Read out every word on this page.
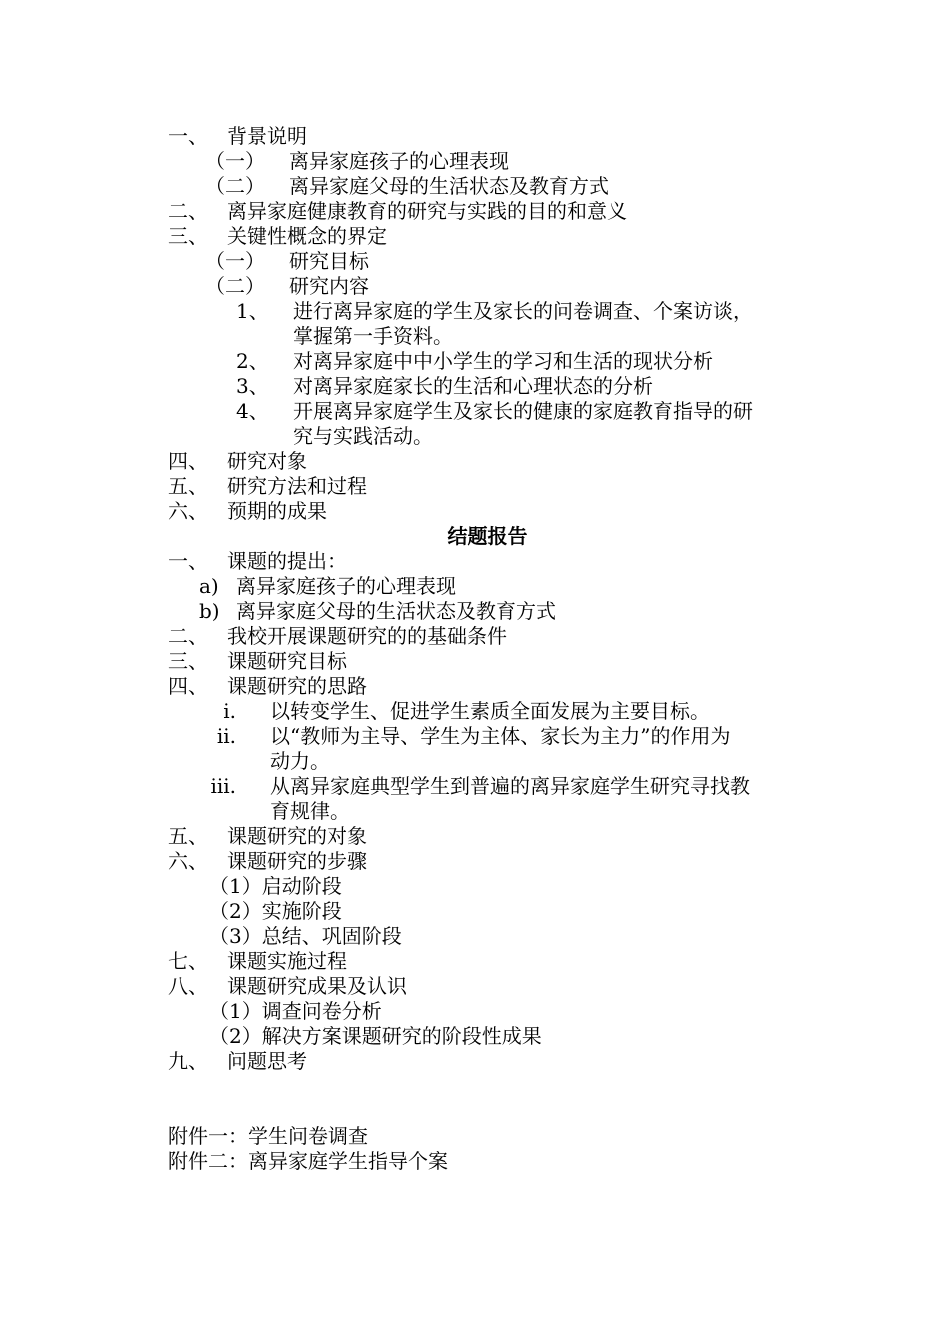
一、 背景说明
（一） 离异家庭孩子的心理表现
（二） 离异家庭父母的生活状态及教育方式
二、 离异家庭健康教育的研究与实践的目的和意义
三、 关键性概念的界定
（一） 研究目标
（二） 研究内容
1、 进行离异家庭的学生及家长的问卷调查、个案访谈，
掌握第一手资料。
2、 对离异家庭中中小学生的学习和生活的现状分析
3、 对离异家庭家长的生活和心理状态的分析
4、 开展离异家庭学生及家长的健康的家庭教育指导的研
究与实践活动。
四、 研究对象
五、 研究方法和过程
六、 预期的成果
结题报告
一、 课题的提出：
a) 离异家庭孩子的心理表现
b) 离异家庭父母的生活状态及教育方式
二、 我校开展课题研究的的基础条件
三、 课题研究目标
四、 课题研究的思路
i. 以转变学生、促进学生素质全面发展为主要目标。
ii. 以“教师为主导、学生为主体、家长为主力”的作用为
动力。
iii. 从离异家庭典型学生到普遍的离异家庭学生研究寻找教
育规律。
五、 课题研究的对象
六、 课题研究的步骤
（1）启动阶段
（2）实施阶段
（3）总结、巩固阶段
七、 课题实施过程
八、 课题研究成果及认识
（1）调查问卷分析
（2）解决方案课题研究的阶段性成果
九、 问题思考
附件一：学生问卷调查
附件二：离异家庭学生指导个案
